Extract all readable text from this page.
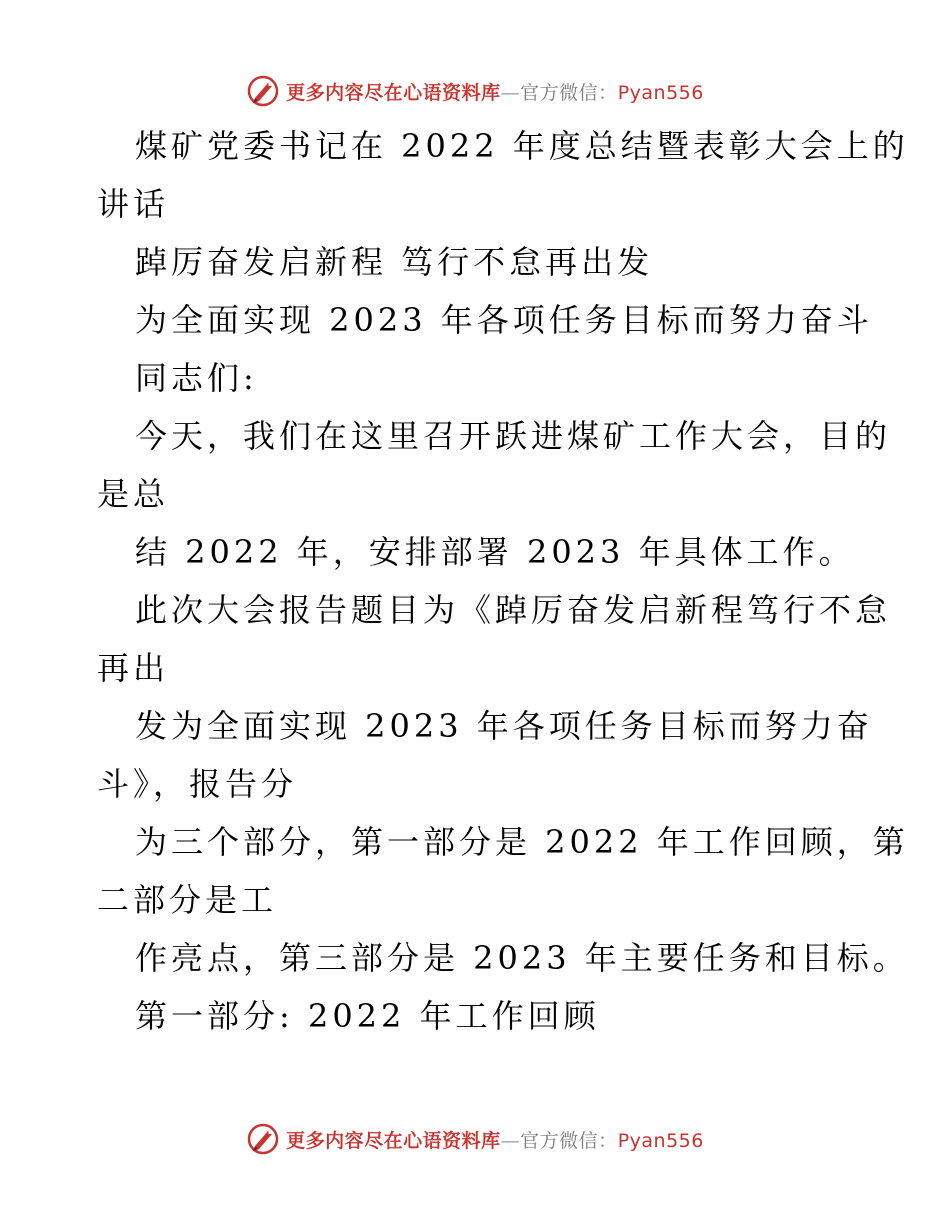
更多内容尽在心语资料库—官方微信：Pyan556
煤矿党委书记在 2022 年度总结暨表彰大会上的
讲话
踔厉奋发启新程 笃行不怠再出发
为全面实现 2023 年各项任务目标而努力奋斗
同志们:
今天，我们在这里召开跃进煤矿工作大会，目的
是总
结 2022 年，安排部署 2023 年具体工作。
此次大会报告题目为《踔厉奋发启新程笃行不怠
再出
发为全面实现 2023 年各项任务目标而努力奋
斗》，报告分
为三个部分，第一部分是 2022 年工作回顾，第
二部分是工
作亮点，第三部分是 2023 年主要任务和目标。
第一部分: 2022 年工作回顾
更多内容尽在心语资料库—官方微信：Pyan556
